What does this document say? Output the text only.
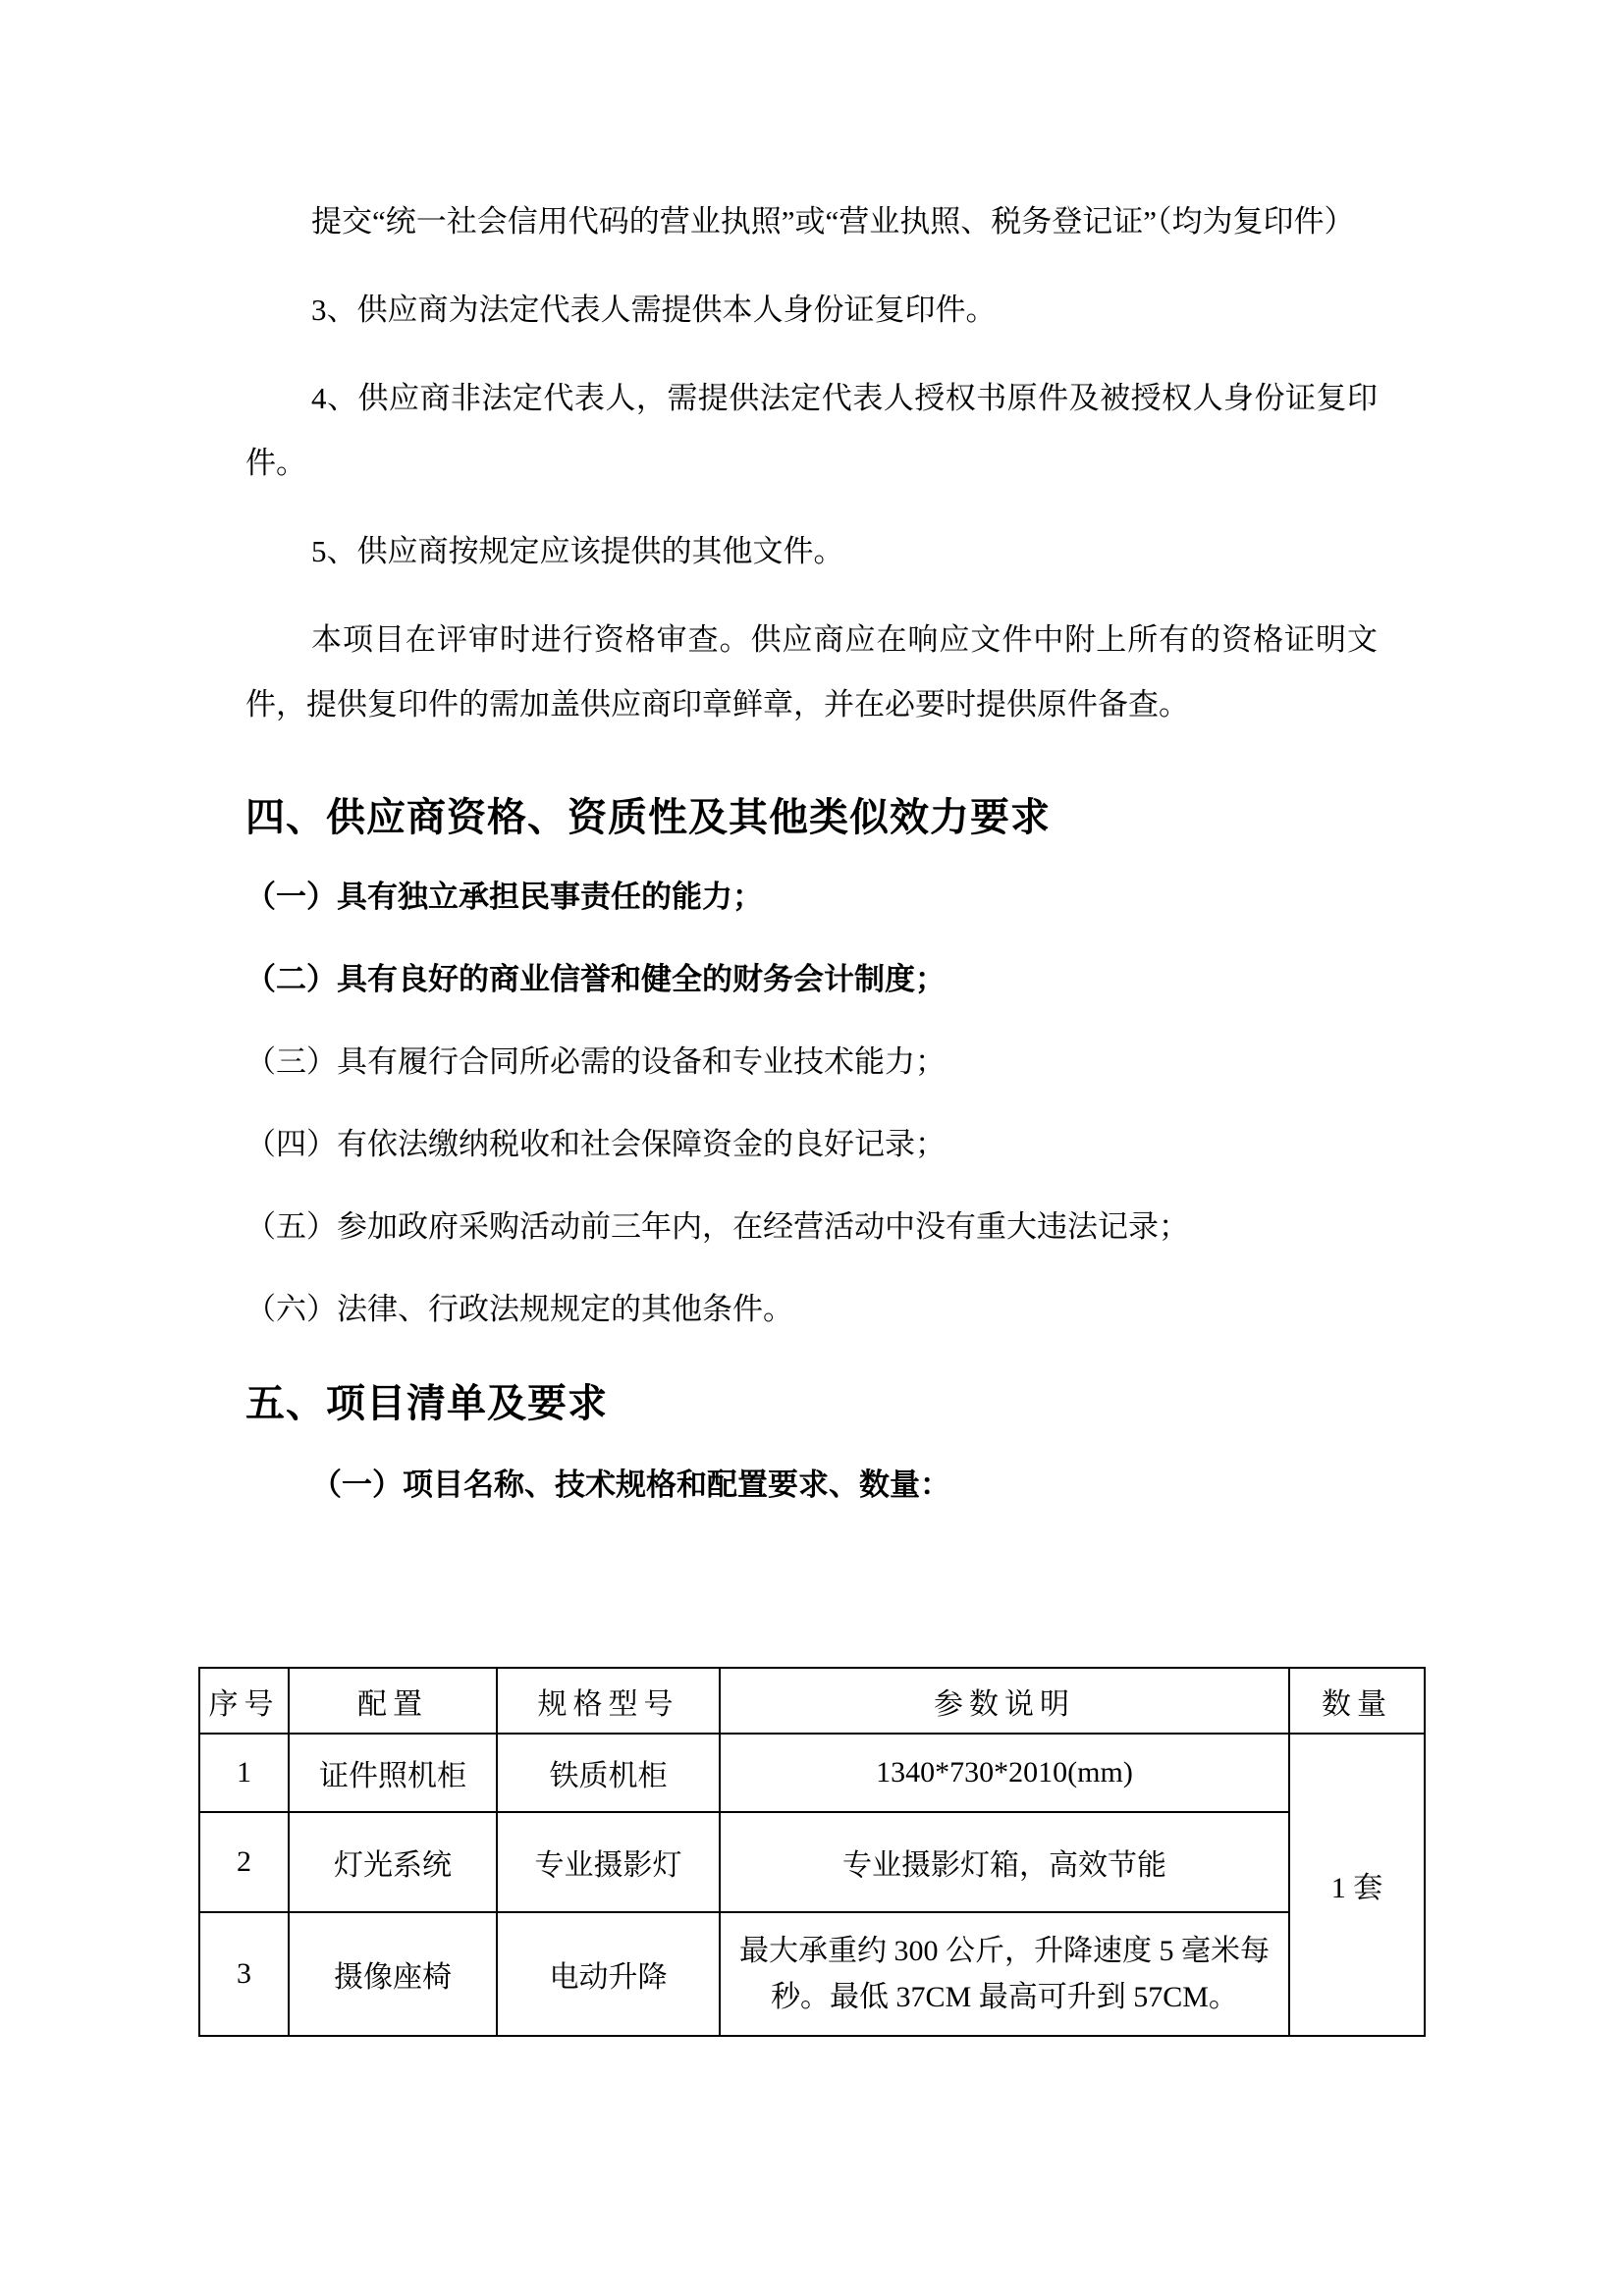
提交“统一社会信用代码的营业执照”或“营业执照、税务登记证”（均为复印件）

3、供应商为法定代表人需提供本人身份证复印件。

4、供应商非法定代表人，需提供法定代表人授权书原件及被授权人身份证复印件。

5、供应商按规定应该提供的其他文件。

本项目在评审时进行资格审查。供应商应在响应文件中附上所有的资格证明文件，提供复印件的需加盖供应商印章鲜章，并在必要时提供原件备查。

四、供应商资格、资质性及其他类似效力要求

（一）具有独立承担民事责任的能力；

（二）具有良好的商业信誉和健全的财务会计制度；

（三）具有履行合同所必需的设备和专业技术能力；

（四）有依法缴纳税收和社会保障资金的良好记录；

（五）参加政府采购活动前三年内，在经营活动中没有重大违法记录；

（六）法律、行政法规规定的其他条件。

五、项目清单及要求

（一）项目名称、技术规格和配置要求、数量：

序号	配置	规格型号	参数说明	数量
1	证件照机柜	铁质机柜	1340*730*2010(mm)	1 套
2	灯光系统	专业摄影灯	专业摄影灯箱，高效节能	
3	摄像座椅	电动升降	最大承重约 300 公斤，升降速度 5 毫米每秒。最低 37CM 最高可升到 57CM。	
